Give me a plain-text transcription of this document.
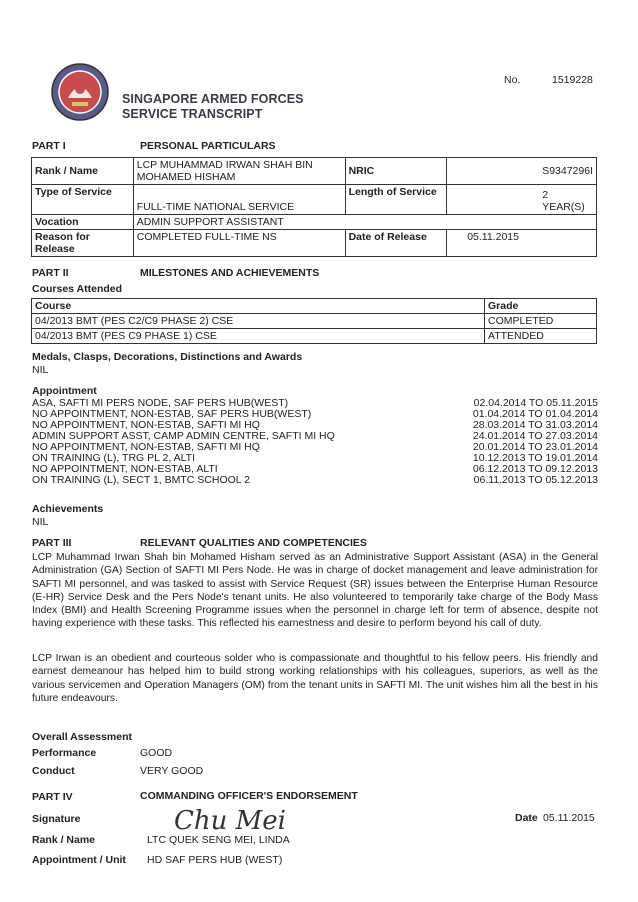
No.	1519228
SINGAPORE ARMED FORCES
SERVICE TRANSCRIPT
PART I	PERSONAL PARTICULARS
Rank / Name	LCP MUHAMMAD IRWAN SHAH BIN
MOHAMED HISHAM	NRIC	S9347296I
Type of Service	FULL-TIME NATIONAL SERVICE	Length of Service	2 YEAR(S)
Vocation	ADMIN SUPPORT ASSISTANT		
Reason for Release	COMPLETED FULL-TIME NS	Date of Release	05.11.2015
PART II	MILESTONES AND ACHIEVEMENTS
Courses Attended
Course	Grade
04/2013 BMT (PES C2/C9 PHASE 2) CSE	COMPLETED
04/2013 BMT (PES C9 PHASE 1) CSE	ATTENDED
Medals, Clasps, Decorations, Distinctions and Awards
NIL
Appointment
ASA, SAFTI MI PERS NODE, SAF PERS HUB(WEST)	02.04.2014 TO 05.11.2015
NO APPOINTMENT, NON-ESTAB, SAF PERS HUB(WEST)	01.04.2014 TO 01.04.2014
NO APPOINTMENT, NON-ESTAB, SAFTI MI HQ	28.03.2014 TO 31.03.2014
ADMIN SUPPORT ASST, CAMP ADMIN CENTRE, SAFTI MI HQ	24.01.2014 TO 27.03.2014
NO APPOINTMENT, NON-ESTAB, SAFTI MI HQ	20.01.2014 TO 23.01.2014
ON TRAINING (L), TRG PL 2, ALTI	10.12.2013 TO 19.01.2014
NO APPOINTMENT, NON-ESTAB, ALTI	06.12.2013 TO 09.12.2013
ON TRAINING (L), SECT 1, BMTC SCHOOL 2	06.11.2013 TO 05.12.2013
Achievements
NIL
PART III	RELEVANT QUALITIES AND COMPETENCIES
LCP Muhammad Irwan Shah bin Mohamed Hisham served as an Administrative Support Assistant (ASA) in the General Administration (GA) Section of SAFTI MI Pers Node. He was in charge of docket management and leave administration for SAFTI MI personnel, and was tasked to assist with Service Request (SR) issues between the Enterprise Human Resource (E-HR) Service Desk and the Pers Node's tenant units. He also volunteered to temporarily take charge of the Body Mass Index (BMI) and Health Screening Programme issues when the personnel in charge left for term of absence, despite not having experience with these tasks. This reflected his earnestness and desire to perform beyond his call of duty.
LCP Irwan is an obedient and courteous solder who is compassionate and thoughtful to his fellow peers. His friendly and earnest demeanour has helped him to build strong working relationships with his colleagues, superiors, as well as the various servicemen and Operation Managers (OM) from the tenant units in SAFTI MI. The unit wishes him all the best in his future endeavours.
Overall Assessment
Performance	GOOD
Conduct	VERY GOOD
PART IV	COMMANDING OFFICER'S ENDORSEMENT
Signature	Chu Mei	Date 05.11.2015
Rank / Name	LTC QUEK SENG MEI, LINDA
Appointment / Unit HD SAF PERS HUB (WEST)
